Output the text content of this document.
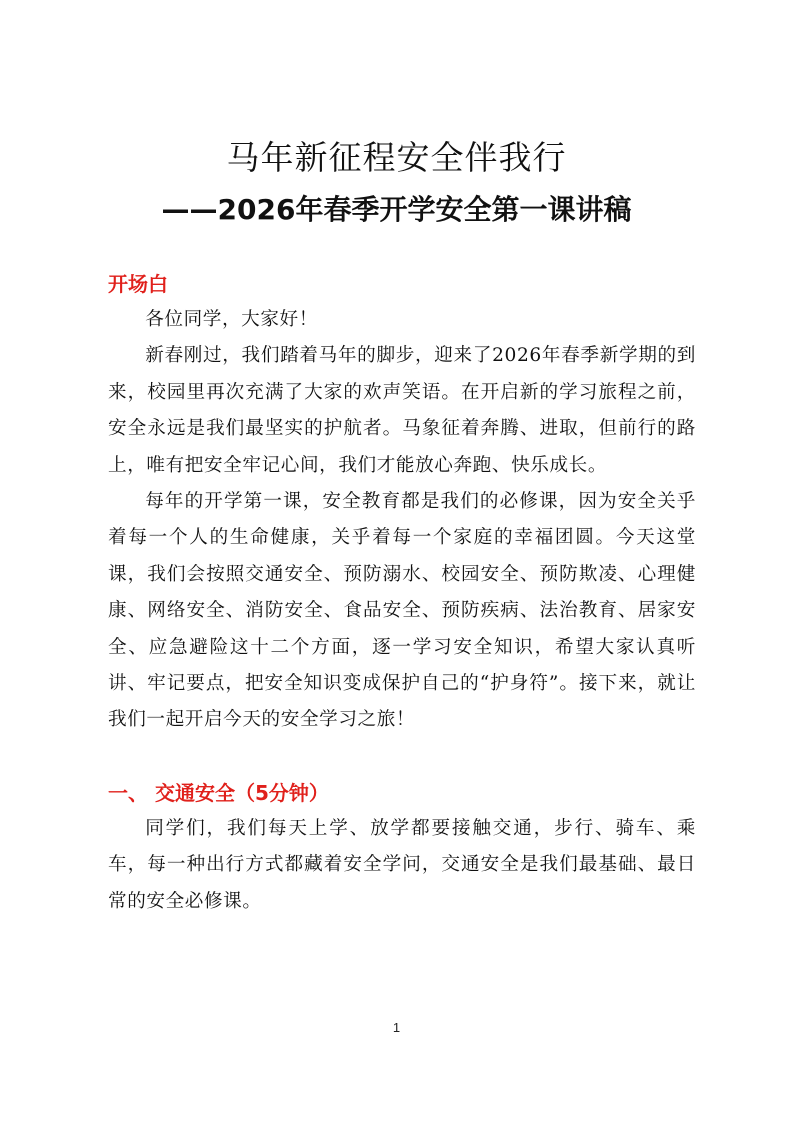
马年新征程安全伴我行
——2026年春季开学安全第一课讲稿
开场白

各位同学，大家好！

新春刚过，我们踏着马年的脚步，迎来了2026年春季新学期的到来，校园里再次充满了大家的欢声笑语。在开启新的学习旅程之前，安全永远是我们最坚实的护航者。马象征着奔腾、进取，但前行的路上，唯有把安全牢记心间，我们才能放心奔跑、快乐成长。

每年的开学第一课，安全教育都是我们的必修课，因为安全关乎着每一个人的生命健康，关乎着每一个家庭的幸福团圆。今天这堂课，我们会按照交通安全、预防溺水、校园安全、预防欺凌、心理健康、网络安全、消防安全、食品安全、预防疾病、法治教育、居家安全、应急避险这十二个方面，逐一学习安全知识，希望大家认真听讲、牢记要点，把安全知识变成保护自己的“护身符”。接下来，就让我们一起开启今天的安全学习之旅！

一、 交通安全（5分钟）

同学们，我们每天上学、放学都要接触交通，步行、骑车、乘车，每一种出行方式都藏着安全学问，交通安全是我们最基础、最日常的安全必修课。

1
